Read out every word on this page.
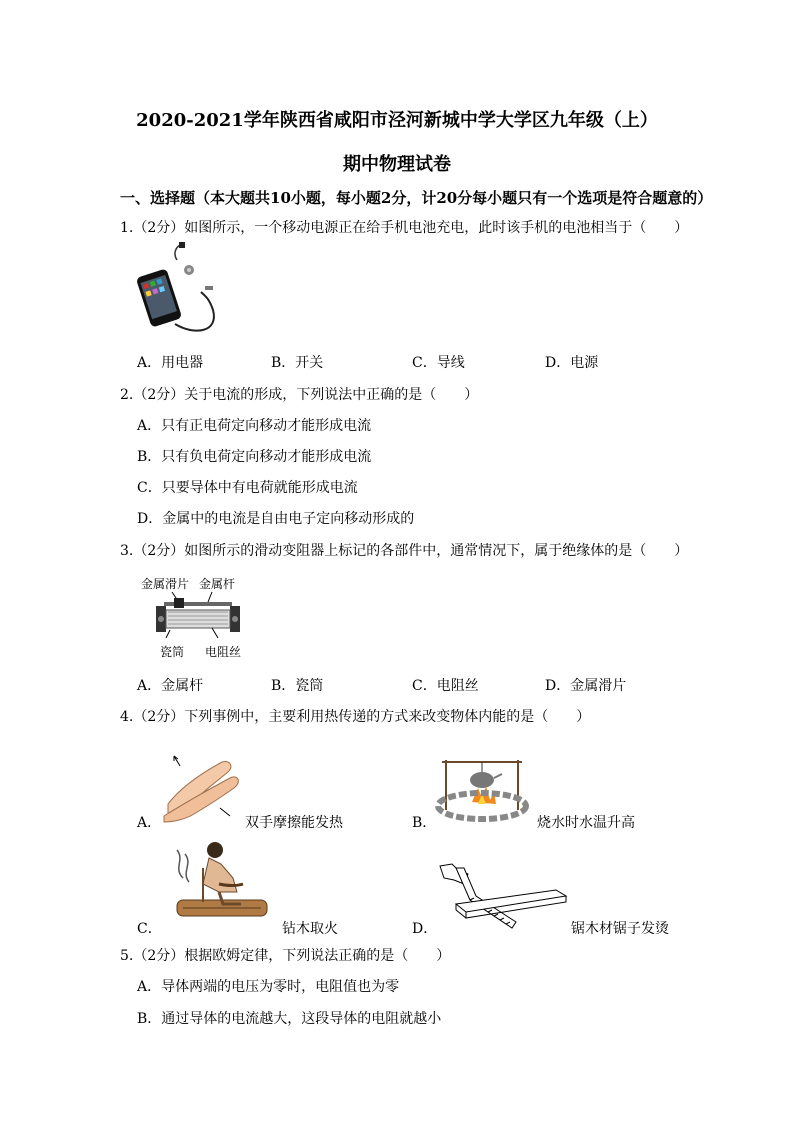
2020-2021学年陕西省咸阳市泾河新城中学大学区九年级（上）
期中物理试卷
一、选择题（本大题共10小题，每小题2分，计20分每小题只有一个选项是符合题意的）
1.（2分）如图所示，一个移动电源正在给手机电池充电，此时该手机的电池相当于（　　）
A．用电器	B．开关	C．导线	D．电源
2.（2分）关于电流的形成，下列说法中正确的是（　　）
A．只有正电荷定向移动才能形成电流
B．只有负电荷定向移动才能形成电流
C．只要导体中有电荷就能形成电流
D．金属中的电流是自由电子定向移动形成的
3.（2分）如图所示的滑动变阻器上标记的各部件中，通常情况下，属于绝缘体的是（　　）
金属滑片 金属杆
瓷筒 电阻丝
A．金属杆	B．瓷筒	C．电阻丝	D．金属滑片
4.（2分）下列事例中，主要利用热传递的方式来改变物体内能的是（　　）
A．	双手摩擦能发热	B．	烧水时水温升高
C．	钻木取火	D．	锯木材锯子发烫
5.（2分）根据欧姆定律，下列说法正确的是（　　）
A．导体两端的电压为零时，电阻值也为零
B．通过导体的电流越大，这段导体的电阻就越小
